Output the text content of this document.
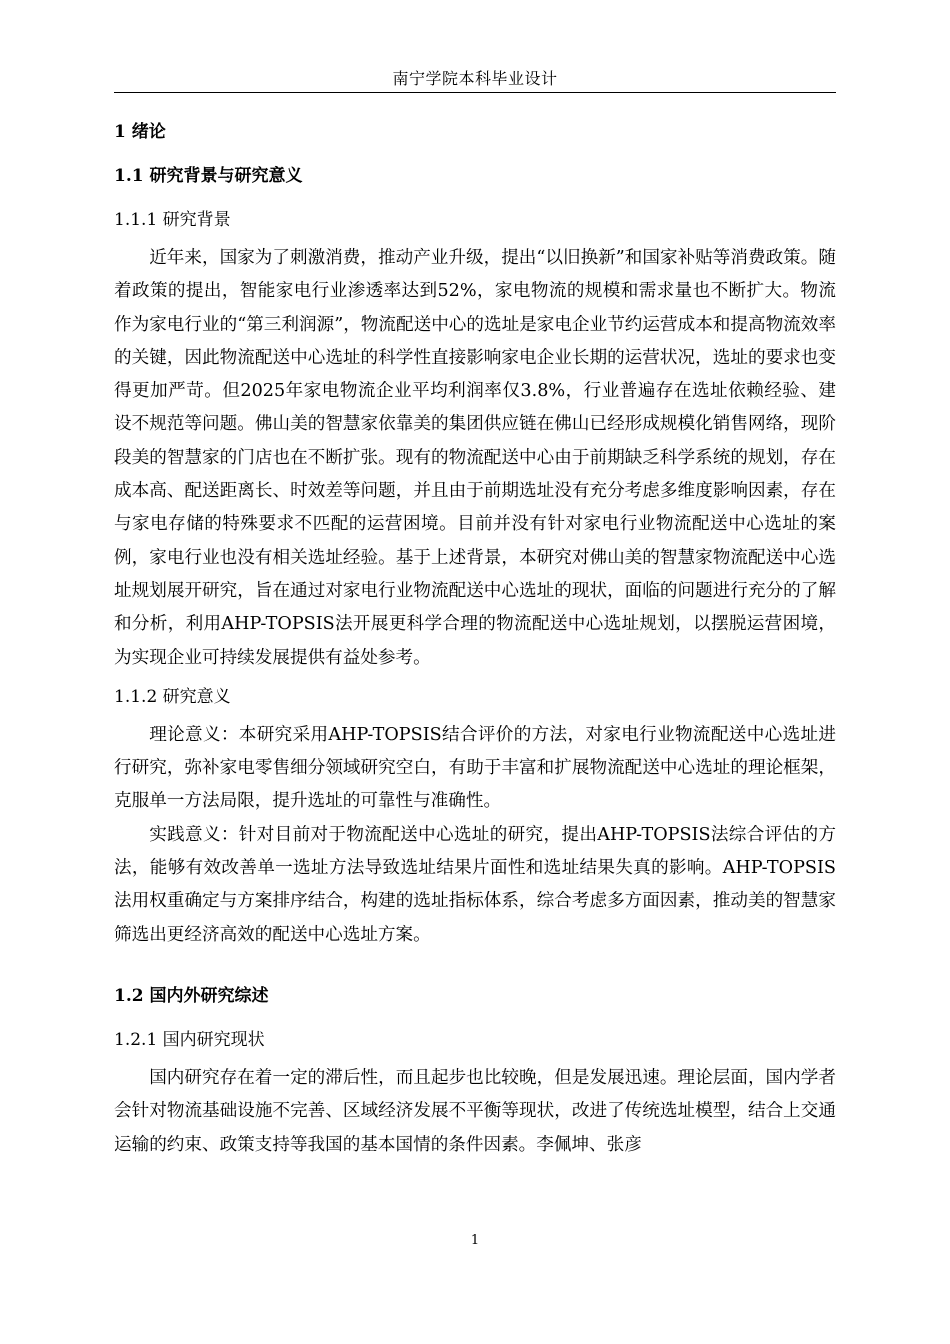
南宁学院本科毕业设计
1 绪论
1.1 研究背景与研究意义
1.1.1 研究背景

近年来，国家为了刺激消费，推动产业升级，提出“以旧换新”和国家补贴等消费政策。随着政策的提出，智能家电行业渗透率达到52%，家电物流的规模和需求量也不断扩大。物流作为家电行业的“第三利润源”，物流配送中心的选址是家电企业节约运营成本和提高物流效率的关键，因此物流配送中心选址的科学性直接影响家电企业长期的运营状况，选址的要求也变得更加严苛。但2025年家电物流企业平均利润率仅3.8%，行业普遍存在选址依赖经验、建设不规范等问题。佛山美的智慧家依靠美的集团供应链在佛山已经形成规模化销售网络，现阶段美的智慧家的门店也在不断扩张。现有的物流配送中心由于前期缺乏科学系统的规划，存在成本高、配送距离长、时效差等问题，并且由于前期选址没有充分考虑多维度影响因素，存在与家电存储的特殊要求不匹配的运营困境。目前并没有针对家电行业物流配送中心选址的案例，家电行业也没有相关选址经验。基于上述背景，本研究对佛山美的智慧家物流配送中心选址规划展开研究，旨在通过对家电行业物流配送中心选址的现状，面临的问题进行充分的了解和分析，利用AHP-TOPSIS法开展更科学合理的物流配送中心选址规划，以摆脱运营困境，为实现企业可持续发展提供有益处参考。

1.1.2 研究意义

理论意义：本研究采用AHP-TOPSIS结合评价的方法，对家电行业物流配送中心选址进行研究，弥补家电零售细分领域研究空白，有助于丰富和扩展物流配送中心选址的理论框架，克服单一方法局限，提升选址的可靠性与准确性。

实践意义：针对目前对于物流配送中心选址的研究，提出AHP-TOPSIS法综合评估的方法，能够有效改善单一选址方法导致选址结果片面性和选址结果失真的影响。AHP-TOPSIS法用权重确定与方案排序结合，构建的选址指标体系，综合考虑多方面因素，推动美的智慧家筛选出更经济高效的配送中心选址方案。

1.2 国内外研究综述
1.2.1 国内研究现状

国内研究存在着一定的滞后性，而且起步也比较晚，但是发展迅速。理论层面，国内学者会针对物流基础设施不完善、区域经济发展不平衡等现状，改进了传统选址模型，结合上交通运输的约束、政策支持等我国的基本国情的条件因素。李佩坤、张彦

1
